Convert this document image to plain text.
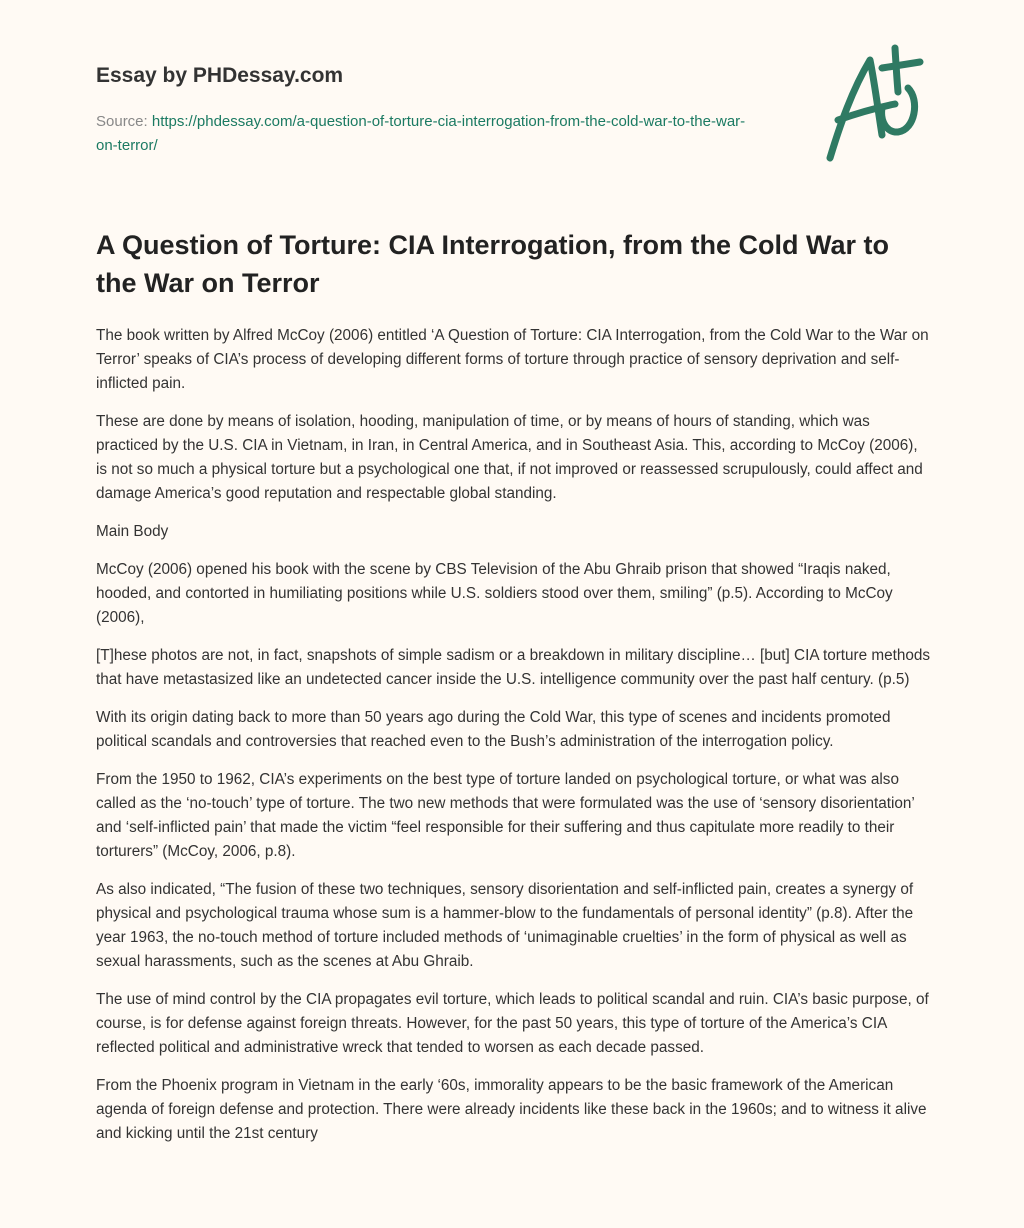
Essay by PHDessay.com
Source: https://phdessay.com/a-question-of-torture-cia-interrogation-from-the-cold-war-to-the-war-on-terror/
A Question of Torture: CIA Interrogation, from the Cold War to the War on Terror

The book written by Alfred McCoy (2006) entitled ‘A Question of Torture: CIA Interrogation, from the Cold War to the War on Terror’ speaks of CIA’s process of developing different forms of torture through practice of sensory deprivation and self-inflicted pain.

These are done by means of isolation, hooding, manipulation of time, or by means of hours of standing, which was practiced by the U.S. CIA in Vietnam, in Iran, in Central America, and in Southeast Asia. This, according to McCoy (2006), is not so much a physical torture but a psychological one that, if not improved or reassessed scrupulously, could affect and damage America’s good reputation and respectable global standing.

Main Body

McCoy (2006) opened his book with the scene by CBS Television of the Abu Ghraib prison that showed “Iraqis naked, hooded, and contorted in humiliating positions while U.S. soldiers stood over them, smiling” (p.5). According to McCoy (2006),

[T]hese photos are not, in fact, snapshots of simple sadism or a breakdown in military discipline… [but] CIA torture methods that have metastasized like an undetected cancer inside the U.S. intelligence community over the past half century. (p.5)

With its origin dating back to more than 50 years ago during the Cold War, this type of scenes and incidents promoted political scandals and controversies that reached even to the Bush’s administration of the interrogation policy.

From the 1950 to 1962, CIA’s experiments on the best type of torture landed on psychological torture, or what was also called as the ‘no-touch’ type of torture. The two new methods that were formulated was the use of ‘sensory disorientation’ and ‘self-inflicted pain’ that made the victim “feel responsible for their suffering and thus capitulate more readily to their torturers” (McCoy, 2006, p.8).

As also indicated, “The fusion of these two techniques, sensory disorientation and self-inflicted pain, creates a synergy of physical and psychological trauma whose sum is a hammer-blow to the fundamentals of personal identity” (p.8). After the year 1963, the no-touch method of torture included methods of ‘unimaginable cruelties’ in the form of physical as well as sexual harassments, such as the scenes at Abu Ghraib.

The use of mind control by the CIA propagates evil torture, which leads to political scandal and ruin. CIA’s basic purpose, of course, is for defense against foreign threats. However, for the past 50 years, this type of torture of the America’s CIA reflected political and administrative wreck that tended to worsen as each decade passed.

From the Phoenix program in Vietnam in the early ‘60s, immorality appears to be the basic framework of the American agenda of foreign defense and protection. There were already incidents like these back in the 1960s; and to witness it alive and kicking until the 21st century
